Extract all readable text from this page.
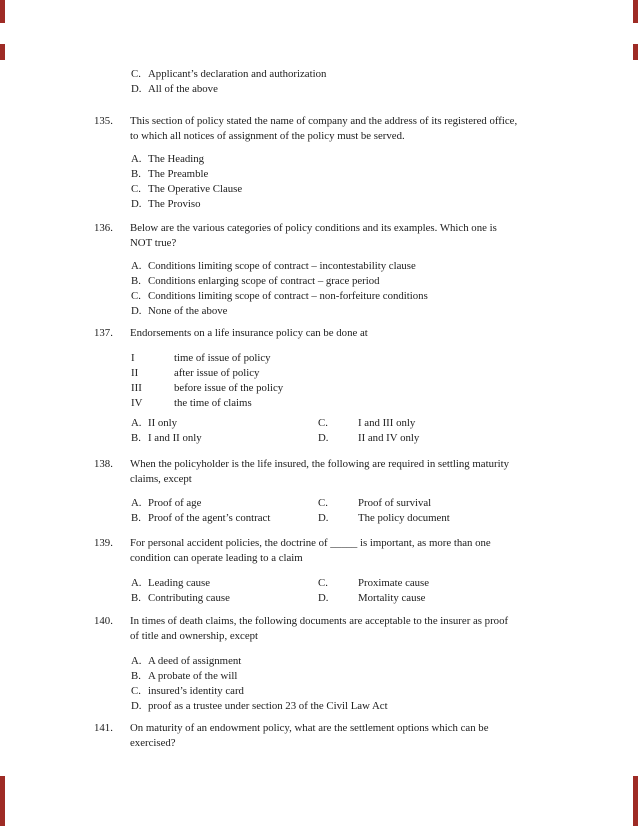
C. Applicant’s declaration and authorization
D. All of the above
135.	This section of policy stated the name of company and the address of its registered office,
to which all notices of assignment of the policy must be served.
A. The Heading
B. The Preamble
C. The Operative Clause
D. The Proviso
136.	Below are the various categories of policy conditions and its examples. Which one is
NOT true?
A. Conditions limiting scope of contract – incontestability clause
B. Conditions enlarging scope of contract – grace period
C. Conditions limiting scope of contract – non-forfeiture conditions
D. None of the above
137.	Endorsements on a life insurance policy can be done at
I	time of issue of policy
II	after issue of policy
III	before issue of the policy
IV	the time of claims
A. II only	C.	I and III only
B. I and II only	D.	II and IV only
138.	When the policyholder is the life insured, the following are required in settling maturity
claims, except
A. Proof of age	C.	Proof of survival
B. Proof of the agent’s contract	D.	The policy document
139.	For personal accident policies, the doctrine of _____ is important, as more than one
condition can operate leading to a claim
A. Leading cause	C.	Proximate cause
B. Contributing cause	D.	Mortality cause
140.	In times of death claims, the following documents are acceptable to the insurer as proof
of title and ownership, except
A. A deed of assignment
B. A probate of the will
C. insured’s identity card
D. proof as a trustee under section 23 of the Civil Law Act
141.	On maturity of an endowment policy, what are the settlement options which can be
exercised?
